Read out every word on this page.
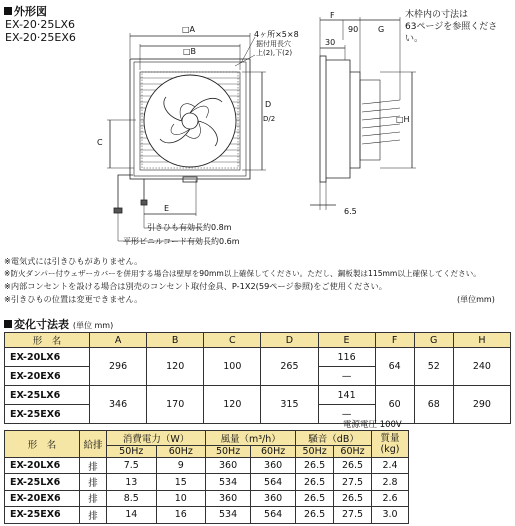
外形図
EX-20·25LX6
EX-20·25EX6
木枠内の寸法は
63ページを参照ください。
□A
□B
4ヶ所×5×8
据付用長穴
上(2),下(2)
D
D/2
C
E
引きひも有効長約0.8m
平形ビニルコード有効長約0.6m
F
90 G
30
□H
6.5
※電気式には引きひもがありません。
※防火ダンパー付ウェザーカバーを併用する場合は壁厚を90mm以上確保してください。ただし、鋼板製は115mm以上確保してください。
※内部コンセントを設ける場合は別売のコンセント取付金具、P-1X2(59ページ参照)をご使用ください。
※引きひもの位置は変更できません。	(単位mm)
変化寸法表 (単位 mm)
形　名	A	B	C	D	E	F	G	H
EX-20LX6	296	120	100	265	116	64	52	240
EX-20EX6					—			
EX-25LX6	346	170	120	315	141	60	68	290
EX-25EX6					—			
電源電圧 100V
形　名	給排	消費電力（W）		風量（m³/h）		騒音（dB）		質量
(kg)
		50Hz	60Hz	50Hz	60Hz	50Hz	60Hz	
EX-20LX6	排	7.5	9	360	360	26.5	26.5	2.4
EX-25LX6	排	13	15	534	564	26.5	27.5	2.8
EX-20EX6	排	8.5	10	360	360	26.5	26.5	2.6
EX-25EX6	排	14	16	534	564	26.5	27.5	3.0
